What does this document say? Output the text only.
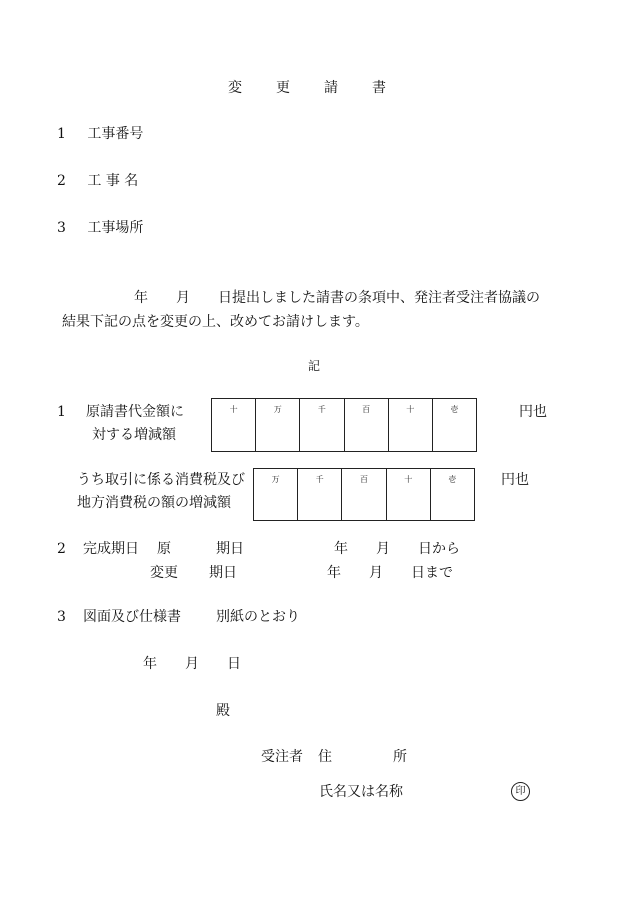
変 更 請 書
1 工事番号
2 工 事 名
3 工事場所
年　　月　　日提出しました請書の条項中、発注者受注者協議の
結果下記の点を変更の上、改めてお請けします。
記
1 原請書代金額に
対する増減額
十	万	千	百	十	壱	円也
うち取引に係る消費税及び
地方消費税の額の増減額
万	千	百	十	壱	円也
2 完成期日 原	期日	年　　月　　日から
変更 期日	年　　月　　日まで
3 図面及び仕様書	別紙のとおり
年　　月　　日
殿
受注者 住	所
氏名又は名称	印
